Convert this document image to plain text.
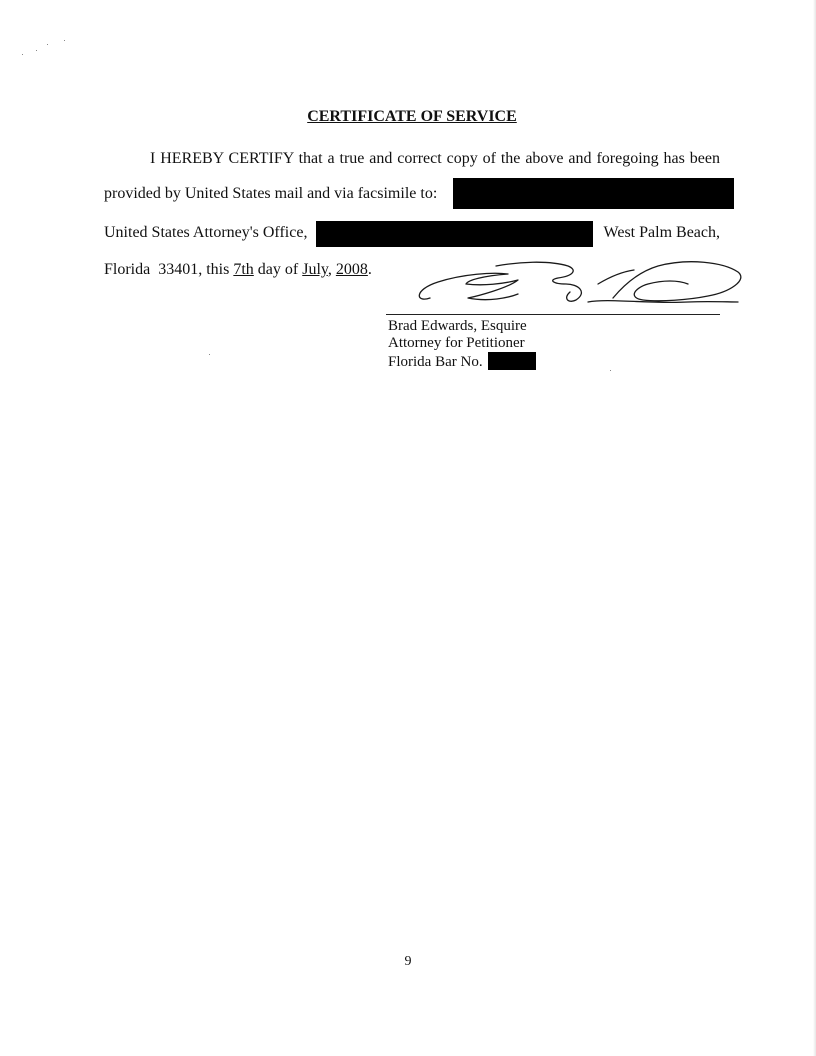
CERTIFICATE OF SERVICE
I HEREBY CERTIFY that a true and correct copy of the above and foregoing has been
provided by United States mail and via facsimile to:
United States Attorney's Office,	West Palm Beach,
Florida  33401, this 7th day of July, 2008.
Brad Edwards, Esquire
Attorney for Petitioner
Florida Bar No.
9
